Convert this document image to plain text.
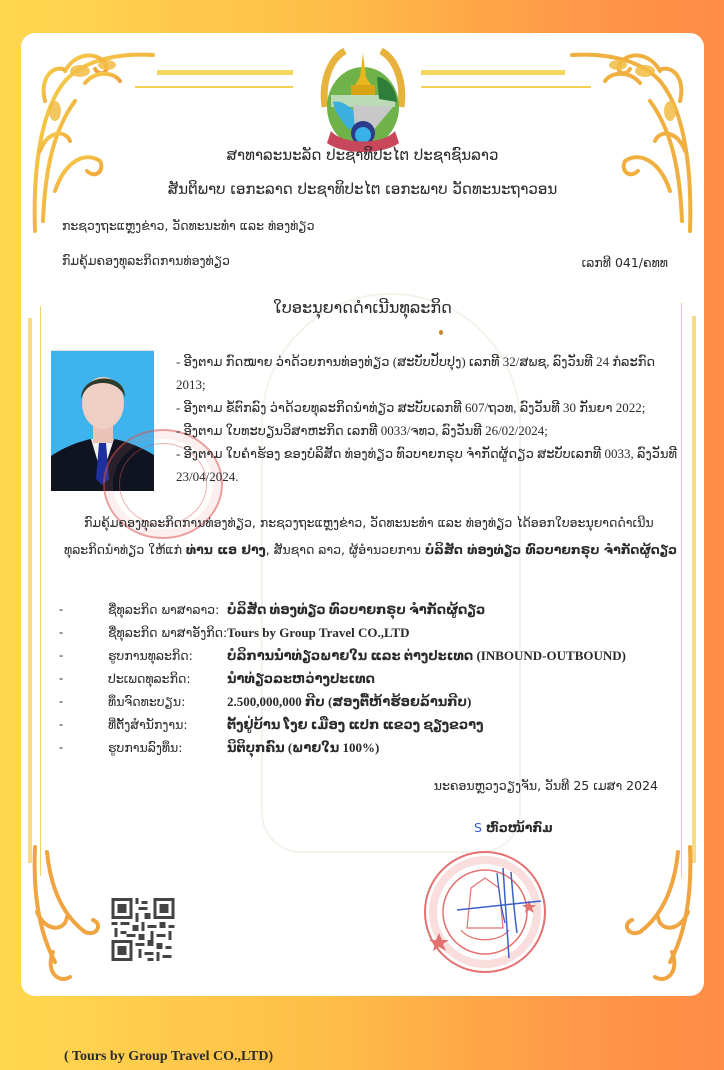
ສາທາລະນະລັດ ປະຊາທິປະໄຕ ປະຊາຊົນລາວ
ສັນຕິພາບ ເອກະລາດ ປະຊາທິປະໄຕ ເອກະພາບ ວັດທະນະຖາວອນ
ກະຊວງຖະແຫຼງຂ່າວ, ວັດທະນະທຳ ແລະ ທ່ອງທ່ຽວ
ກົມຄຸ້ມຄອງທຸລະກິດການທ່ອງທ່ຽວ	ເລກທີ 041/ຄທທ
ໃບອະນຸຍາດດຳເນີນທຸລະກິດ
- ອີງຕາມ ກົດໝາຍ ວ່າດ້ວຍການທ່ອງທ່ຽວ (ສະບັບປັບປຸງ) ເລກທີ 32/ສພຊ, ລົງວັນທີ 24 ກໍລະກົດ 2013;
- ອີງຕາມ ຂໍ້ຕົກລົງ ວ່າດ້ວຍທຸລະກິດນຳທ່ຽວ ສະບັບເລກທີ 607/ຖວທ, ລົງວັນທີ 30 ກັນຍາ 2022;
- ອີງຕາມ ໃບທະບຽນວິສາຫະກິດ ເລກທີ 0033/ຈທວ, ລົງວັນທີ 26/02/2024;
- ອີງຕາມ ໃບຄຳຮ້ອງ ຂອງບໍລິສັດ ທ່ອງທ່ຽວ ທົວບາຍກຣຸບ ຈຳກັດຜູ້ດຽວ ສະບັບເລກທີ 0033, ລົງວັນທີ 23/04/2024.
ກົມຄຸ້ມຄອງທຸລະກິດການທ່ອງທ່ຽວ, ກະຊວງຖະແຫຼງຂ່າວ, ວັດທະນະທຳ ແລະ ທ່ອງທ່ຽວ ໄດ້ອອກໃບອະນຸຍາດດຳເນີນທຸລະກິດນຳທ່ຽວ ໃຫ້ແກ່ ທ່ານ ແອ ຢາງ, ສັນຊາດ ລາວ, ຜູ້ອຳນວຍການ ບໍລິສັດ ທ່ອງທ່ຽວ ທົວບາຍກຣຸບ ຈຳກັດຜູ້ດຽວ
( Tours by Group Travel CO.,LTD)
-	ຊື່ທຸລະກິດ ພາສາລາວ: ບໍລິສັດ ທ່ອງທ່ຽວ ທົວບາຍກຣຸບ ຈຳກັດຜູ້ດຽວ
-	ຊື່ທຸລະກິດ ພາສາອັງກິດ: Tours by Group Travel CO.,LTD
-	ຮູບການທຸລະກິດ:	ບໍລິການນຳທ່ຽວພາຍໃນ ແລະ ຕ່າງປະເທດ (INBOUND-OUTBOUND)
-	ປະເພດທຸລະກິດ:	ນຳທ່ຽວລະຫວ່າງປະເທດ
-	ທຶນຈົດທະບຽນ:	2.500,000,000 ກີບ (ສອງຕື້ຫ້າຮ້ອຍລ້ານກີບ)
-	ທີ່ຕັ້ງສຳນັກງານ:	ຕັ້ງຢູ່ບ້ານ ໂງຍ ເມືອງ ແປກ ແຂວງ ຊຽງຂວາງ
-	ຮູບການລົງທຶນ:	ນິຕິບຸກຄົນ (ພາຍໃນ 100%)
ນະຄອນຫຼວງວຽງຈັນ, ວັນທີ 25 ເມສາ 2024
S ຫົວໜ້າກົມ
